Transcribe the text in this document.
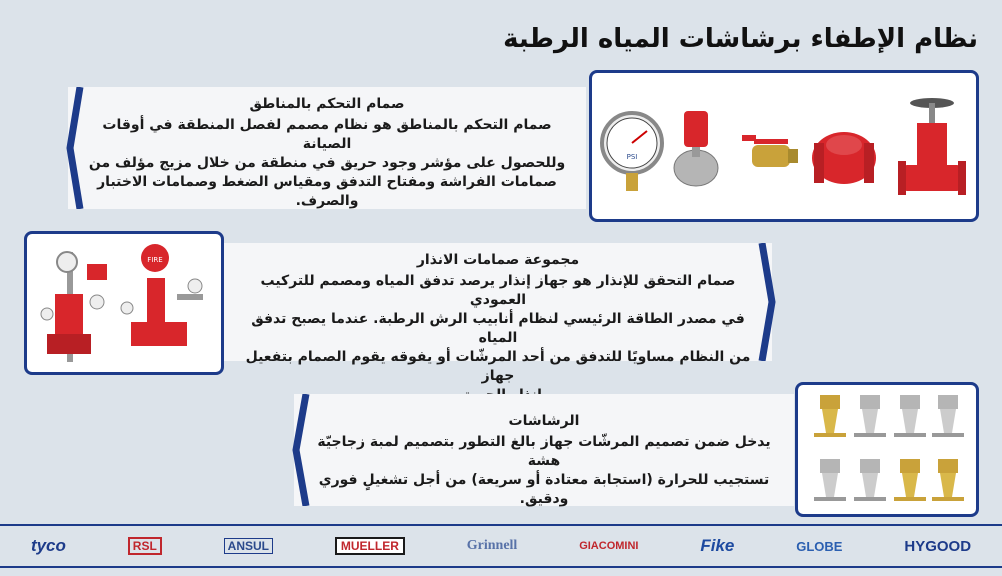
نظام الإطفاء برشاشات المياه الرطبة
صمام التحكم بالمناطق
صمام التحكم بالمناطق هو نظام مصمم لفصل المنطقة في أوقات الصيانة
وللحصول على مؤشر وجود حريق في منطقة من خلال مزيج مؤلف من
صمامات الفراشة ومفتاح التدفق ومقياس الضغط وصمامات الاختبار
والصرف.
PSI
FIRE	مجموعة صمامات الانذار
صمام التحقق للإنذار هو جهاز إنذار يرصد تدفق المياه ومصمم للتركيب العمودي
في مصدر الطاقة الرئيسي لنظام أنابيب الرش الرطبة. عندما يصبح تدفق المياه
من النظام مساويًا للتدفق من أحد المرشّات أو يفوقه يقوم الصمام بتفعيل جهاز
الرشاشات
يدخل ضمن تصميم المرشّات جهاز بالغ التطور بتصميم لمبة زجاجيّة هشة
تستجيب للحرارة (استجابة معتادة أو سريعة) من أجل تشغيلٍ فوري
ودقيق.
tyco	RSL	ANSUL	MUELLER	Grinnell	GIACOMINI	Fike	GLOBE	HYGOOD
